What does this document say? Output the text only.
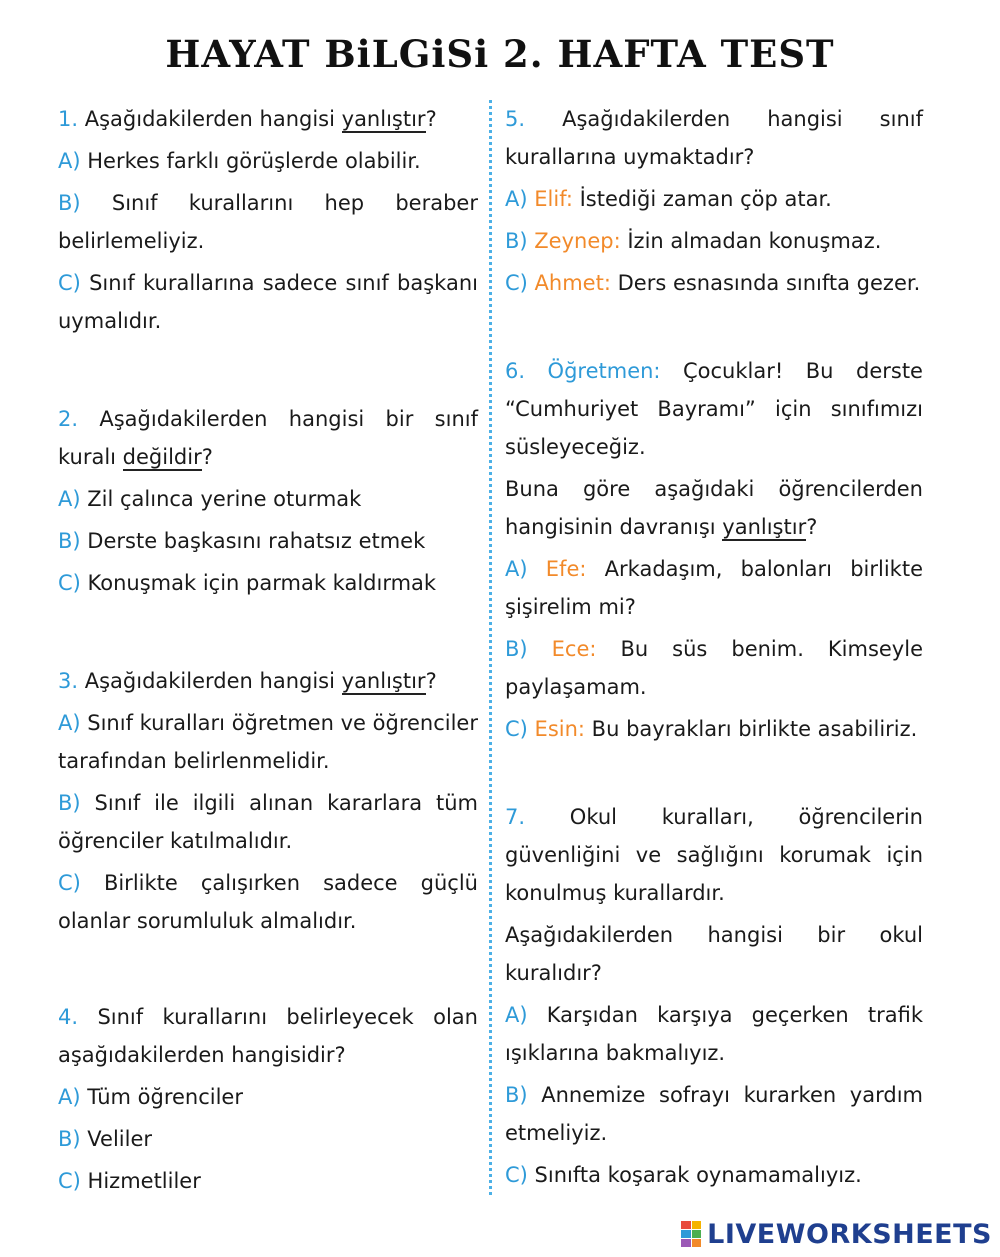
HAYAT BiLGiSi 2. HAFTA TEST

1. Aşağıdakilerden hangisi yanlıştır?

A) Herkes farklı görüşlerde olabilir.

B) Sınıf kurallarını hep beraber belirlemeliyiz.

C) Sınıf kurallarına sadece sınıf başkanı uymalıdır.

2. Aşağıdakilerden hangisi bir sınıf kuralı değildir?

A) Zil çalınca yerine oturmak

B) Derste başkasını rahatsız etmek

C) Konuşmak için parmak kaldırmak

3. Aşağıdakilerden hangisi yanlıştır?

A) Sınıf kuralları öğretmen ve öğrenciler tarafından belirlenmelidir.

B) Sınıf ile ilgili alınan kararlara tüm öğrenciler katılmalıdır.

C) Birlikte çalışırken sadece güçlü olanlar sorumluluk almalıdır.

4. Sınıf kurallarını belirleyecek olan aşağıdakilerden hangisidir?

A) Tüm öğrenciler

B) Veliler

C) Hizmetliler

5. Aşağıdakilerden hangisi sınıf kurallarına uymaktadır?

A) Elif: İstediği zaman çöp atar.

B) Zeynep: İzin almadan konuşmaz.

C) Ahmet: Ders esnasında sınıfta gezer.

6. Öğretmen: Çocuklar! Bu derste “Cumhuriyet Bayramı” için sınıfımızı süsleyeceğiz.

Buna göre aşağıdaki öğrencilerden hangisinin davranışı yanlıştır?

A) Efe: Arkadaşım, balonları birlikte şişirelim mi?

B) Ece: Bu süs benim. Kimseyle paylaşamam.

C) Esin: Bu bayrakları birlikte asabiliriz.

7. Okul kuralları, öğrencilerin güvenliğini ve sağlığını korumak için konulmuş kurallardır.

Aşağıdakilerden hangisi bir okul kuralıdır?

A) Karşıdan karşıya geçerken trafik ışıklarına bakmalıyız.

B) Annemize sofrayı kurarken yardım etmeliyiz.

C) Sınıfta koşarak oynamamalıyız.

LIVEWORKSHEETS
